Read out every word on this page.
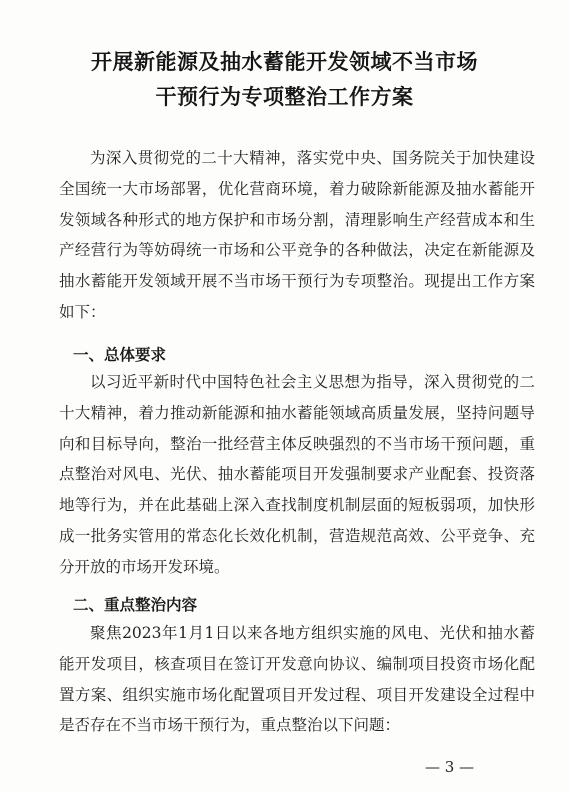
开展新能源及抽水蓄能开发领域不当市场
干预行为专项整治工作方案
为深入贯彻党的二十大精神，落实党中央、国务院关于加快建设全国统一大市场部署，优化营商环境，着力破除新能源及抽水蓄能开发领域各种形式的地方保护和市场分割，清理影响生产经营成本和生产经营行为等妨碍统一市场和公平竞争的各种做法，决定在新能源及抽水蓄能开发领域开展不当市场干预行为专项整治。现提出工作方案如下：
一、总体要求
以习近平新时代中国特色社会主义思想为指导，深入贯彻党的二十大精神，着力推动新能源和抽水蓄能领域高质量发展，坚持问题导向和目标导向，整治一批经营主体反映强烈的不当市场干预问题，重点整治对风电、光伏、抽水蓄能项目开发强制要求产业配套、投资落地等行为，并在此基础上深入查找制度机制层面的短板弱项，加快形成一批务实管用的常态化长效化机制，营造规范高效、公平竞争、充分开放的市场开发环境。
二、重点整治内容
聚焦2023年1月1日以来各地方组织实施的风电、光伏和抽水蓄能开发项目，核查项目在签订开发意向协议、编制项目投资市场化配置方案、组织实施市场化配置项目开发过程、项目开发建设全过程中是否存在不当市场干预行为，重点整治以下问题：
— 3 —
